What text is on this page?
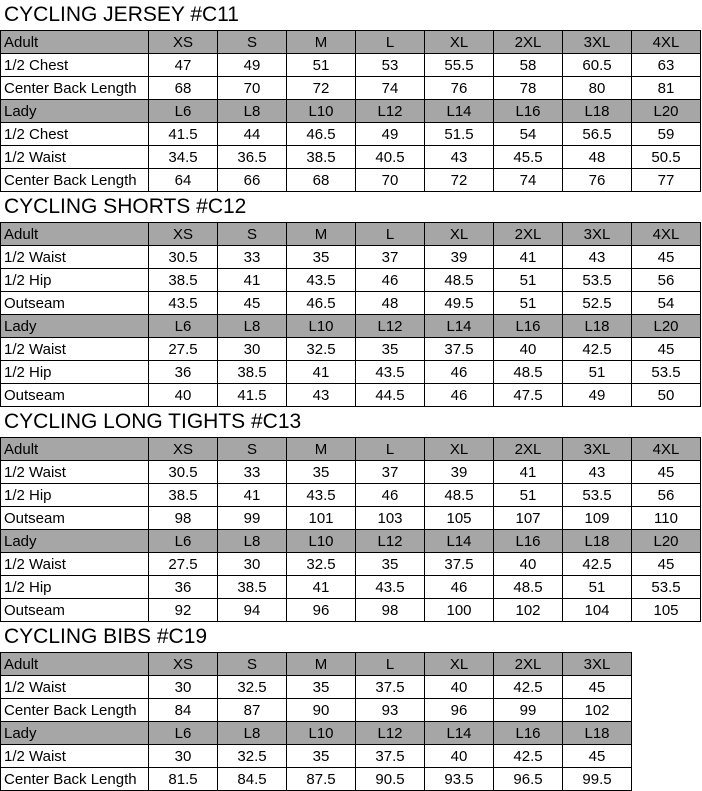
CYCLING JERSEY #C11
Adult	XS	S	M	L	XL	2XL	3XL	4XL
1/2 Chest	47	49	51	53	55.5	58	60.5	63
Center Back Length	68	70	72	74	76	78	80	81
Lady	L6	L8	L10	L12	L14	L16	L18	L20
1/2 Chest	41.5	44	46.5	49	51.5	54	56.5	59
1/2 Waist	34.5	36.5	38.5	40.5	43	45.5	48	50.5
Center Back Length	64	66	68	70	72	74	76	77
CYCLING SHORTS #C12
Adult	XS	S	M	L	XL	2XL	3XL	4XL
1/2 Waist	30.5	33	35	37	39	41	43	45
1/2 Hip	38.5	41	43.5	46	48.5	51	53.5	56
Outseam	43.5	45	46.5	48	49.5	51	52.5	54
Lady	L6	L8	L10	L12	L14	L16	L18	L20
1/2 Waist	27.5	30	32.5	35	37.5	40	42.5	45
1/2 Hip	36	38.5	41	43.5	46	48.5	51	53.5
Outseam	40	41.5	43	44.5	46	47.5	49	50
CYCLING LONG TIGHTS #C13
Adult	XS	S	M	L	XL	2XL	3XL	4XL
1/2 Waist	30.5	33	35	37	39	41	43	45
1/2 Hip	38.5	41	43.5	46	48.5	51	53.5	56
Outseam	98	99	101	103	105	107	109	110
Lady	L6	L8	L10	L12	L14	L16	L18	L20
1/2 Waist	27.5	30	32.5	35	37.5	40	42.5	45
1/2 Hip	36	38.5	41	43.5	46	48.5	51	53.5
Outseam	92	94	96	98	100	102	104	105
CYCLING BIBS #C19
Adult	XS	S	M	L	XL	2XL	3XL	
1/2 Waist	30	32.5	35	37.5	40	42.5	45	
Center Back Length	84	87	90	93	96	99	102	
Lady	L6	L8	L10	L12	L14	L16	L18	
1/2 Waist	30	32.5	35	37.5	40	42.5	45	
Center Back Length	81.5	84.5	87.5	90.5	93.5	96.5	99.5	
